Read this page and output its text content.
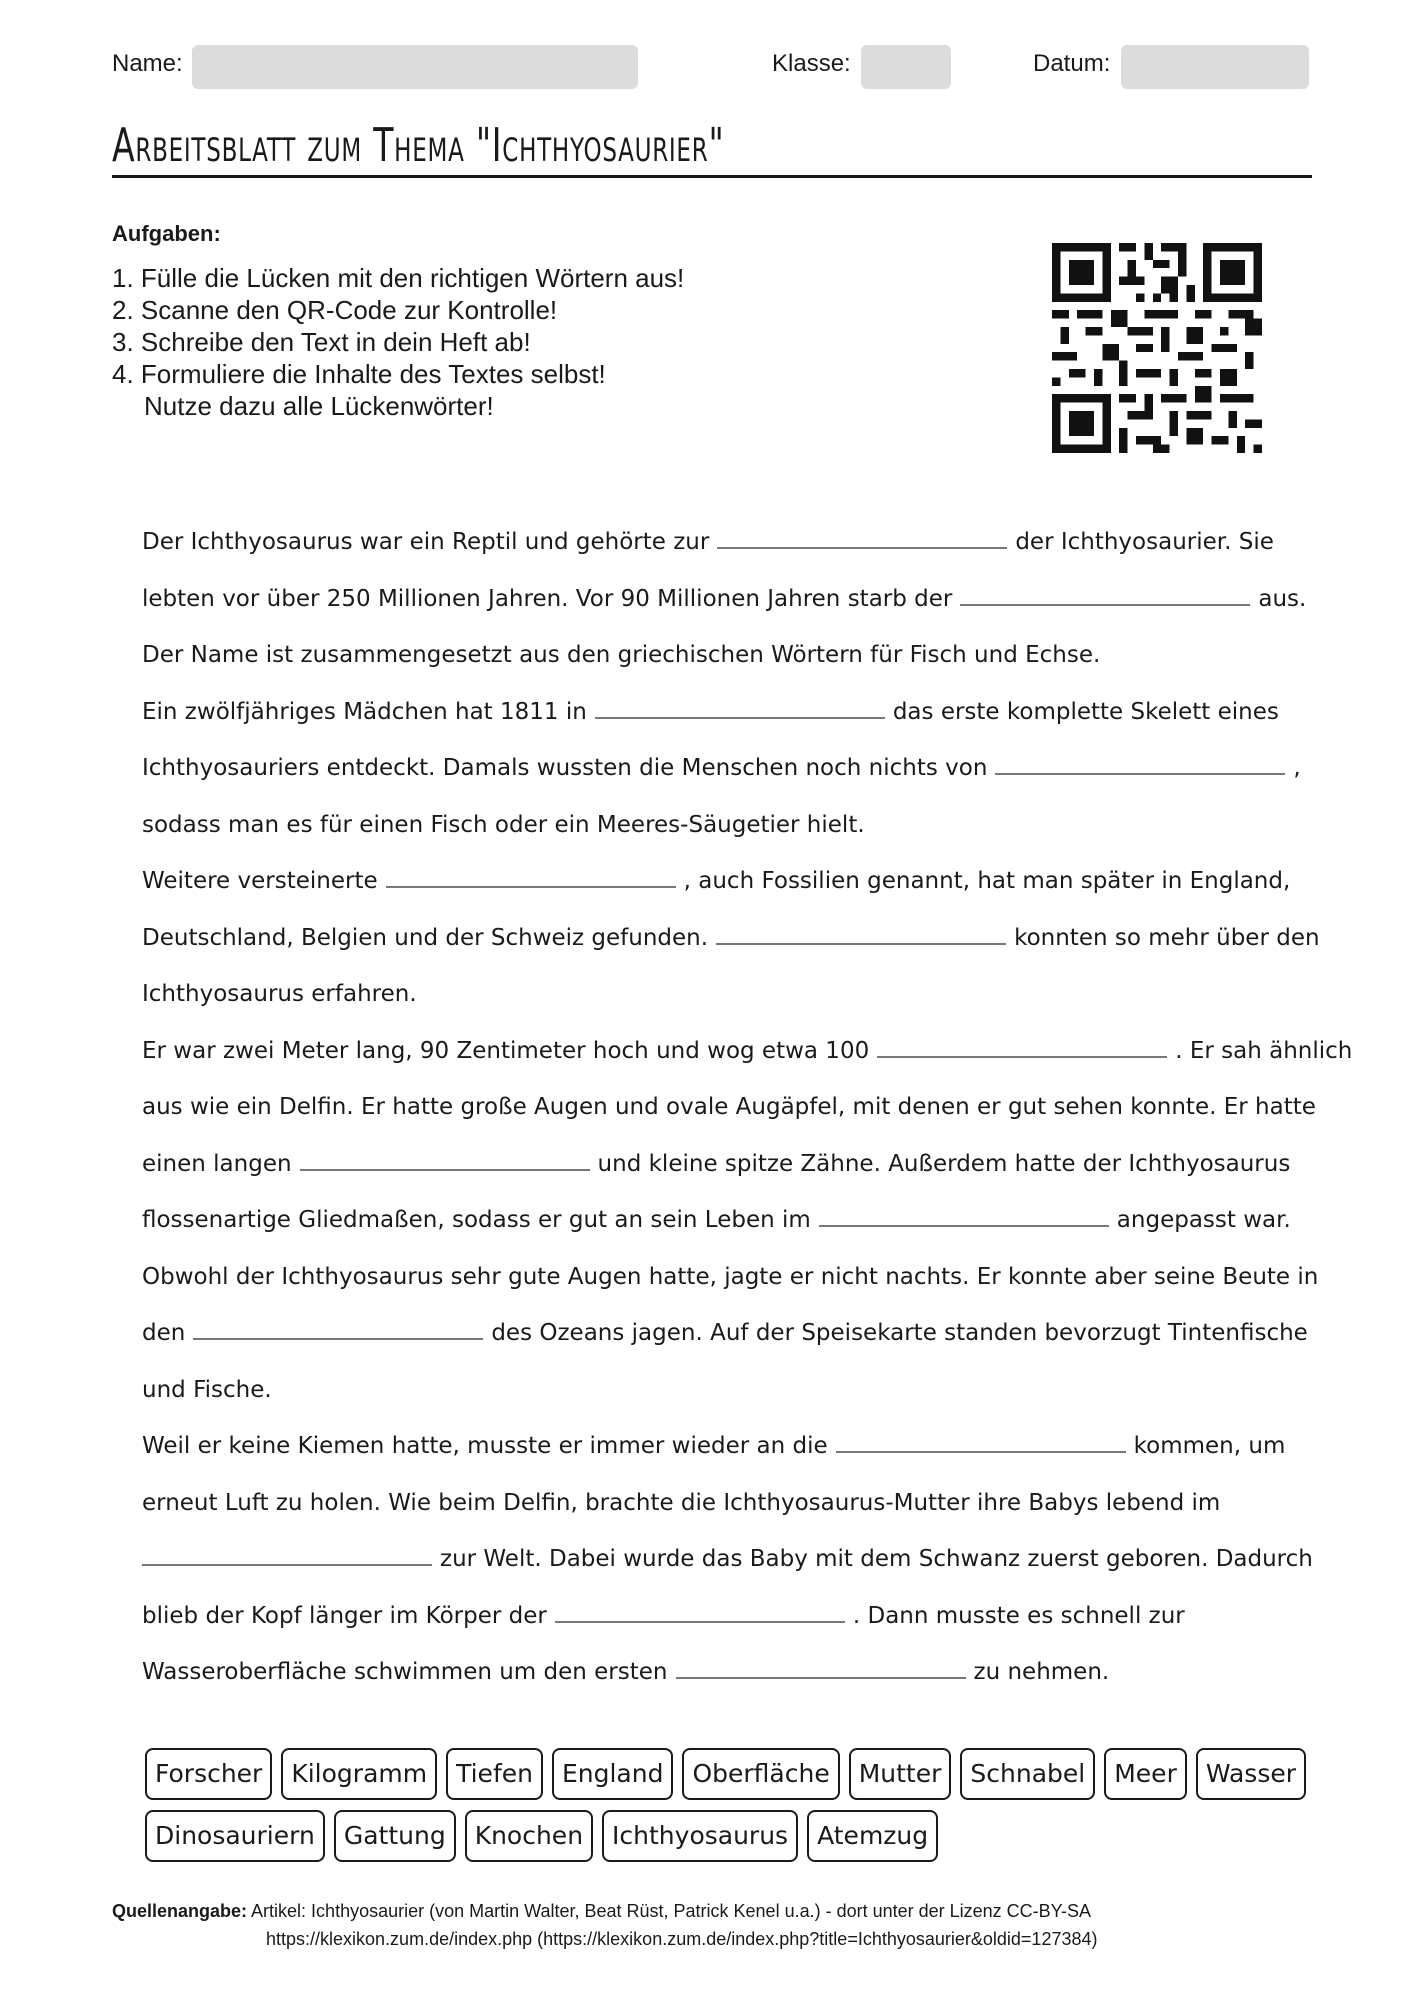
Name:	Klasse:	Datum:
Arbeitsblatt zum Thema "Ichthyosaurier"
Aufgaben:
1. Fülle die Lücken mit den richtigen Wörtern aus!
2. Scanne den QR-Code zur Kontrolle!
3. Schreibe den Text in dein Heft ab!
4. Formuliere die Inhalte des Textes selbst!
Nutze dazu alle Lückenwörter!
Der Ichthyosaurus war ein Reptil und gehörte zur	der Ichthyosaurier. Sie
lebten vor über 250 Millionen Jahren. Vor 90 Millionen Jahren starb der	aus.
Der Name ist zusammengesetzt aus den griechischen Wörtern für Fisch und Echse.
Ein zwölfjähriges Mädchen hat 1811 in	das erste komplette Skelett eines
Ichthyosauriers entdeckt. Damals wussten die Menschen noch nichts von	,
sodass man es für einen Fisch oder ein Meeres-Säugetier hielt.
Weitere versteinerte	, auch Fossilien genannt, hat man später in England,
Deutschland, Belgien und der Schweiz gefunden.	konnten so mehr über den
Ichthyosaurus erfahren.
Er war zwei Meter lang, 90 Zentimeter hoch und wog etwa 100	. Er sah ähnlich
aus wie ein Delfin. Er hatte große Augen und ovale Augäpfel, mit denen er gut sehen konnte. Er hatte
einen langen	und kleine spitze Zähne. Außerdem hatte der Ichthyosaurus
flossenartige Gliedmaßen, sodass er gut an sein Leben im	angepasst war.
Obwohl der Ichthyosaurus sehr gute Augen hatte, jagte er nicht nachts. Er konnte aber seine Beute in
den	des Ozeans jagen. Auf der Speisekarte standen bevorzugt Tintenfische
und Fische.
Weil er keine Kiemen hatte, musste er immer wieder an die	kommen, um
erneut Luft zu holen. Wie beim Delfin, brachte die Ichthyosaurus-Mutter ihre Babys lebend im
zur Welt. Dabei wurde das Baby mit dem Schwanz zuerst geboren. Dadurch
blieb der Kopf länger im Körper der	. Dann musste es schnell zur
Wasseroberfläche schwimmen um den ersten	zu nehmen.
Forscher	Kilogramm	Tiefen	England	Oberfläche	Mutter	Schnabel	Meer	Wasser
Dinosauriern	Gattung	Knochen	Ichthyosaurus	Atemzug
Quellenangabe: Artikel: Ichthyosaurier (von Martin Walter, Beat Rüst, Patrick Kenel u.a.) - dort unter der Lizenz CC-BY-SA
https://klexikon.zum.de/index.php (https://klexikon.zum.de/index.php?title=Ichthyosaurier&oldid=127384)
